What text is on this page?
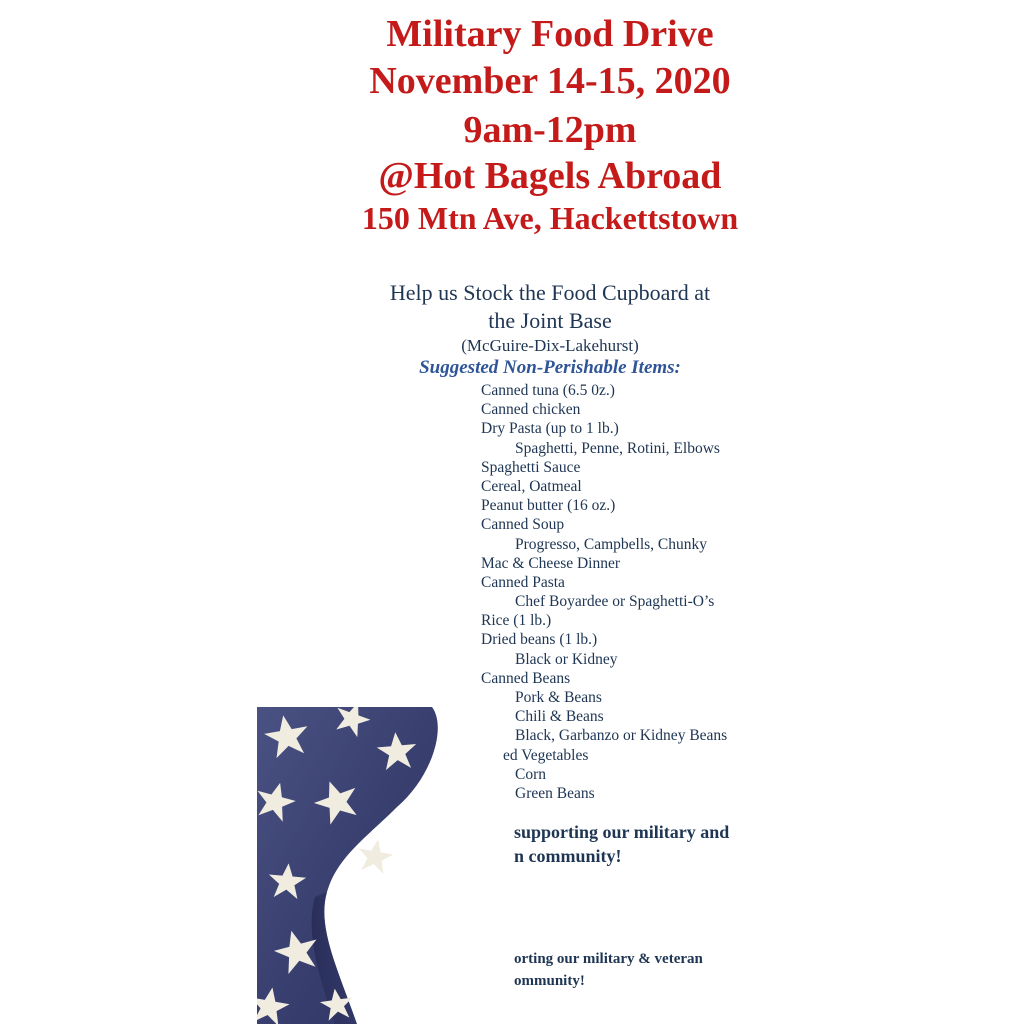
Military Food Drive
November 14-15, 2020
9am-12pm
@Hot Bagels Abroad
150 Mtn Ave, Hackettstown
Help us Stock the Food Cupboard at
the Joint Base
(McGuire-Dix-Lakehurst)
Suggested Non-Perishable Items:
Canned tuna (6.5 0z.)
Canned chicken
Dry Pasta (up to 1 lb.)
Spaghetti, Penne, Rotini, Elbows
Spaghetti Sauce
Cereal, Oatmeal
Peanut butter (16 oz.)
Canned Soup
Progresso, Campbells, Chunky
Mac & Cheese Dinner
Canned Pasta
Chef Boyardee or Spaghetti-O’s
Rice (1 lb.)
Dried beans (1 lb.)
Black or Kidney
Canned Beans
Pork & Beans
Chili & Beans
Black, Garbanzo or Kidney Beans
ed Vegetables
Corn
Green Beans
supporting our military and
n community!
orting our military & veteran
ommunity!
